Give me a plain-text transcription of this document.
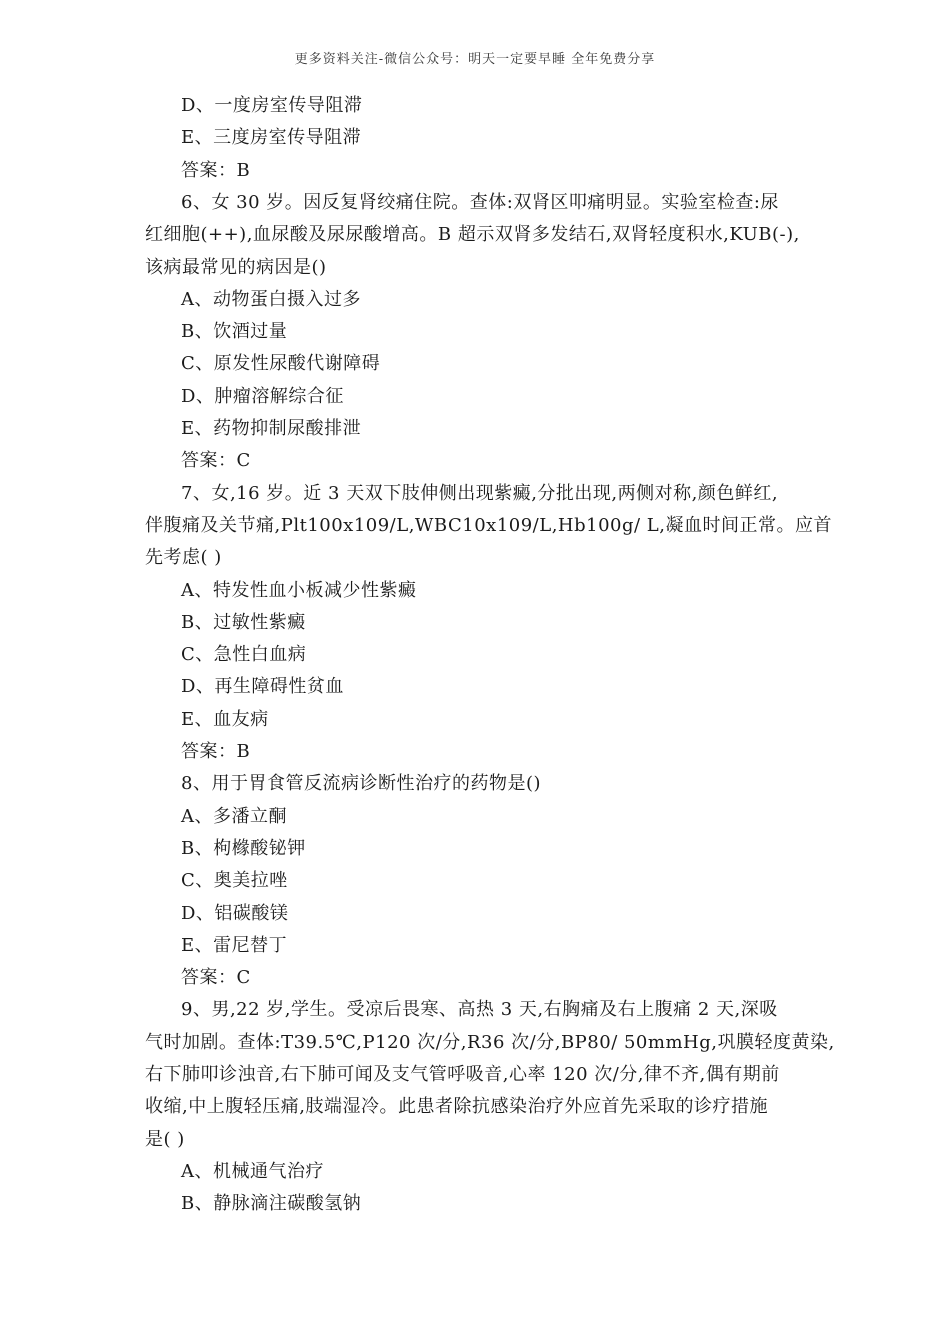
更多资料关注-微信公众号：明天一定要早睡 全年免费分享
D、一度房室传导阻滞
E、三度房室传导阻滞
答案：B
6、女 30 岁。因反复肾绞痛住院。查体:双肾区叩痛明显。实验室检查:尿
红细胞(++),血尿酸及尿尿酸增高。B 超示双肾多发结石,双肾轻度积水,KUB(-),
该病最常见的病因是()
A、动物蛋白摄入过多
B、饮酒过量
C、原发性尿酸代谢障碍
D、肿瘤溶解综合征
E、药物抑制尿酸排泄
答案：C
7、女,16 岁。近 3 天双下肢伸侧出现紫癜,分批出现,两侧对称,颜色鲜红,
伴腹痛及关节痛,Plt100x109/L,WBC10x109/L,Hb100g/ L,凝血时间正常。应首
先考虑( )
A、特发性血小板减少性紫癜
B、过敏性紫癜
C、急性白血病
D、再生障碍性贫血
E、血友病
答案：B
8、用于胃食管反流病诊断性治疗的药物是()
A、多潘立酮
B、枸橼酸铋钾
C、奥美拉唑
D、铝碳酸镁
E、雷尼替丁
答案：C
9、男,22 岁,学生。受凉后畏寒、高热 3 天,右胸痛及右上腹痛 2 天,深吸
气时加剧。查体:T39.5℃,P120 次/分,R36 次/分,BP80/ 50mmHg,巩膜轻度黄染,
右下肺叩诊浊音,右下肺可闻及支气管呼吸音,心率 120 次/分,律不齐,偶有期前
收缩,中上腹轻压痛,肢端湿冷。此患者除抗感染治疗外应首先采取的诊疗措施
是( )
A、机械通气治疗
B、静脉滴注碳酸氢钠
